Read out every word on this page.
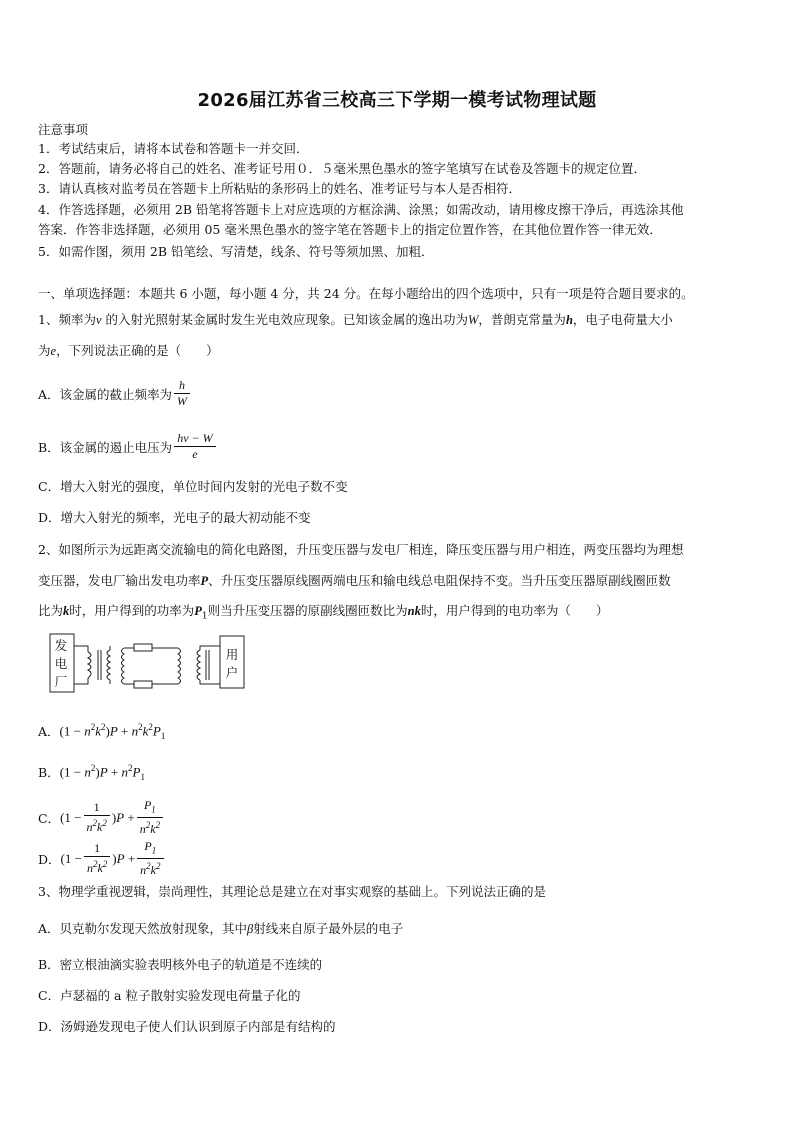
2026届江苏省三校高三下学期一模考试物理试题
注意事项
1．考试结束后，请将本试卷和答题卡一并交回．
2．答题前，请务必将自己的姓名、准考证号用０．５毫米黑色墨水的签字笔填写在试卷及答题卡的规定位置．
3．请认真核对监考员在答题卡上所粘贴的条形码上的姓名、准考证号与本人是否相符．
4．作答选择题，必须用 2B 铅笔将答题卡上对应选项的方框涂满、涂黑；如需改动，请用橡皮擦干净后，再选涂其他
答案．作答非选择题，必须用 05 毫米黑色墨水的签字笔在答题卡上的指定位置作答，在其他位置作答一律无效．
5．如需作图，须用 2B 铅笔绘、写清楚，线条、符号等须加黑、加粗．
一、单项选择题：本题共 6 小题，每小题 4 分，共 24 分。在每小题给出的四个选项中，只有一项是符合题目要求的。
1、频率为ν 的入射光照射某金属时发生光电效应现象。已知该金属的逸出功为W，普朗克常量为h，电子电荷量大小
为e，下列说法正确的是（　　）
A．该金属的截止频率为 $\frac{h}{W}$
B．该金属的遏止电压为 $\frac{h\nu - W}{e}$
C．增大入射光的强度，单位时间内发射的光电子数不变
D．增大入射光的频率，光电子的最大初动能不变
2、如图所示为远距离交流输电的简化电路图，升压变压器与发电厂相连，降压变压器与用户相连，两变压器均为理想
变压器，发电厂输出发电功率P、升压变压器原线圈两端电压和输电线总电阻保持不变。当升压变压器原副线圈匝数
比为k时，用户得到的功率为$P_1$则当升压变压器的原副线圈匝数比为nk时，用户得到的电功率为（　　）
发
电
厂
用
户
A． $(1 - n^2k^2)P + n^2k^2P_1$
B． $(1 - n^2)P + n^2P_1$
C． ($1 - \frac{1}{n^2k^2}$ ) $P + \frac{P_1}{n^2k^2}$
D． ($1 - \frac{1}{n^2k^2}$ ) $P + \frac{P_1}{n^2k^2}$
3、物理学重视逻辑，崇尚理性，其理论总是建立在对事实观察的基础上。下列说法正确的是
A．贝克勒尔发现天然放射现象，其中β射线来自原子最外层的电子
B．密立根油滴实验表明核外电子的轨道是不连续的
C．卢瑟福的 a 粒子散射实验发现电荷量子化的
D．汤姆逊发现电子使人们认识到原子内部是有结构的
